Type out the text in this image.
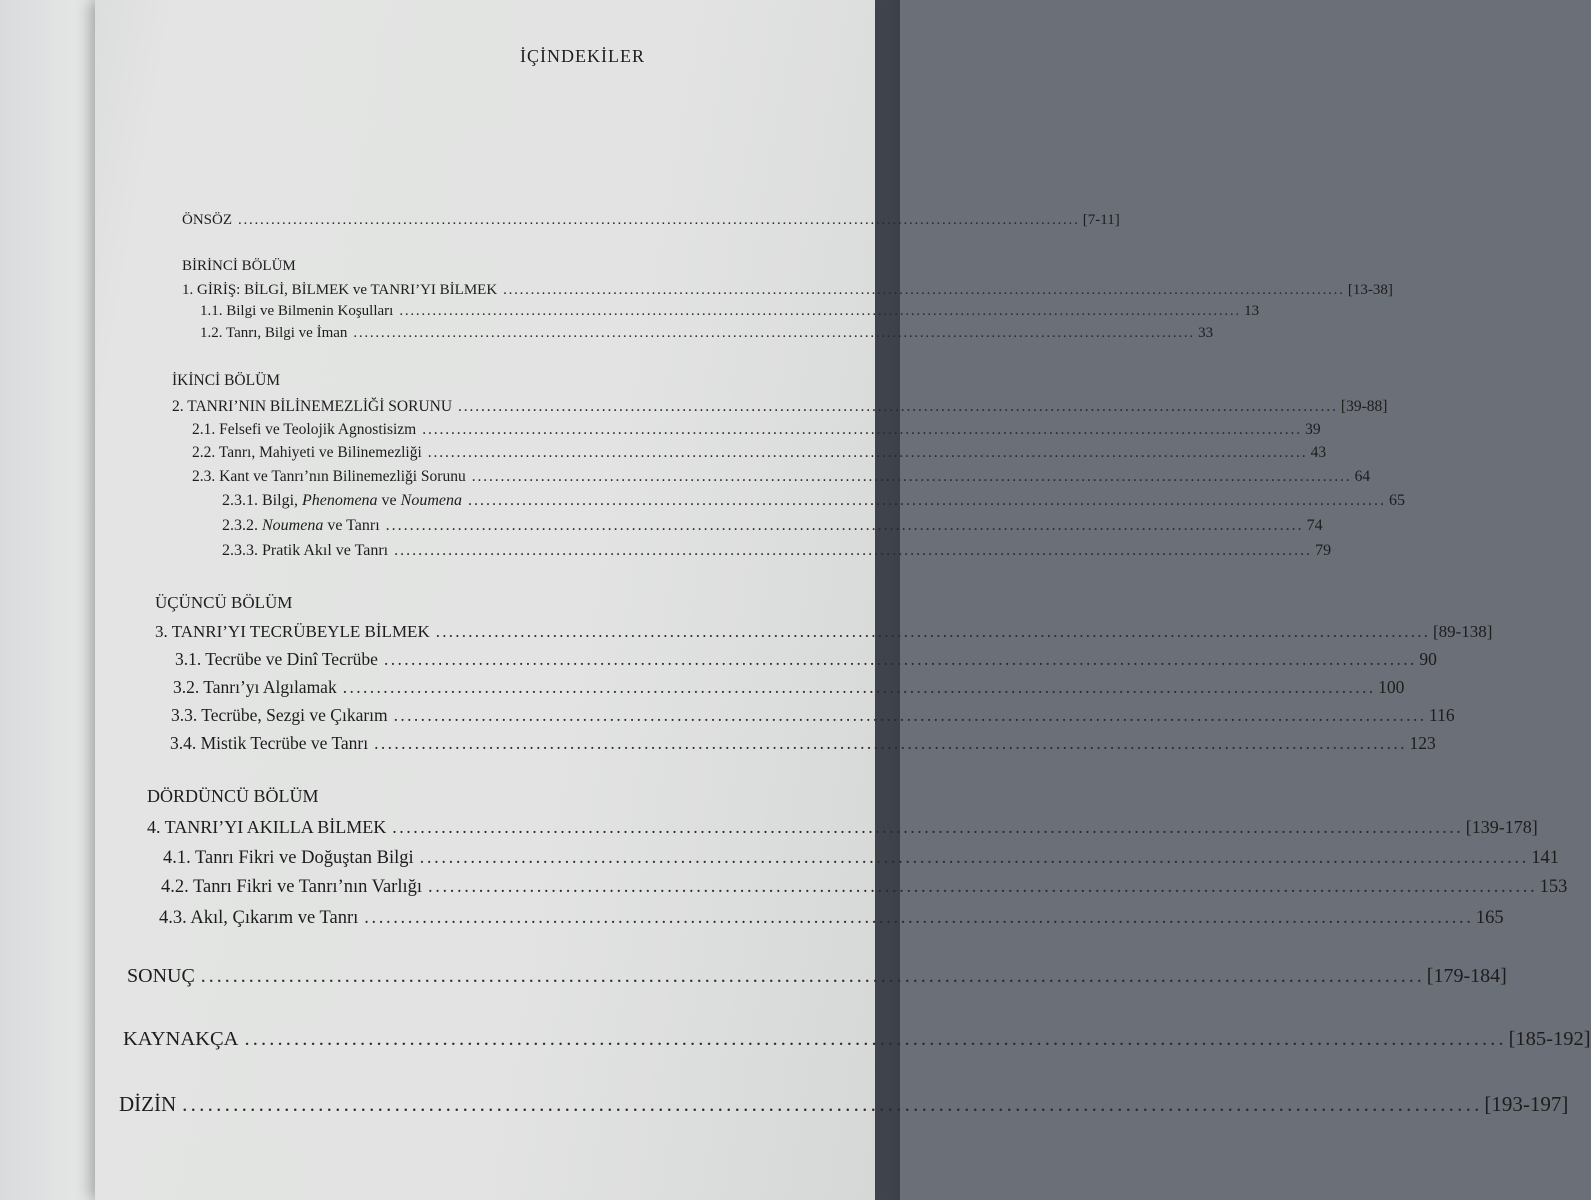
İÇİNDEKİLER
ÖNSÖZ . . .	[7-11]
BİRİNCİ BÖLÜM
1. GİRİŞ: BİLGİ, BİLMEK ve TANRI’YI BİLMEK . . .	[13-38]
1.1. Bilgi ve Bilmenin Koşulları . . .	13
1.2. Tanrı, Bilgi ve İman . . .	33
İKİNCİ BÖLÜM
2. TANRI’NIN BİLİNEMEZLİĞİ SORUNU . . .	[39-88]
2.1. Felsefi ve Teolojik Agnostisizm . . .	39
2.2. Tanrı, Mahiyeti ve Bilinemezliği . . .	43
2.3. Kant ve Tanrı’nın Bilinemezliği Sorunu . . .	64
2.3.1. Bilgi, Phenomena ve Noumena . . .	65
2.3.2. Noumena ve Tanrı . . .	74
2.3.3. Pratik Akıl ve Tanrı . . .	79
ÜÇÜNCÜ BÖLÜM
3. TANRI’YI TECRÜBEYLE BİLMEK . . .	[89-138]
3.1. Tecrübe ve Dinî Tecrübe . . .	90
3.2. Tanrı’yı Algılamak . . .	100
3.3. Tecrübe, Sezgi ve Çıkarım . . .	116
3.4. Mistik Tecrübe ve Tanrı . . .	123
DÖRDÜNCÜ BÖLÜM
4. TANRI’YI AKILLA BİLMEK . . .	[139-178]
4.1. Tanrı Fikri ve Doğuştan Bilgi . . .	141
4.2. Tanrı Fikri ve Tanrı’nın Varlığı . . .	153
4.3. Akıl, Çıkarım ve Tanrı . . .	165
SONUÇ . . .	[179-184]
KAYNAKÇA . . .	[185-192]
DİZİN . . .	[193-197]
